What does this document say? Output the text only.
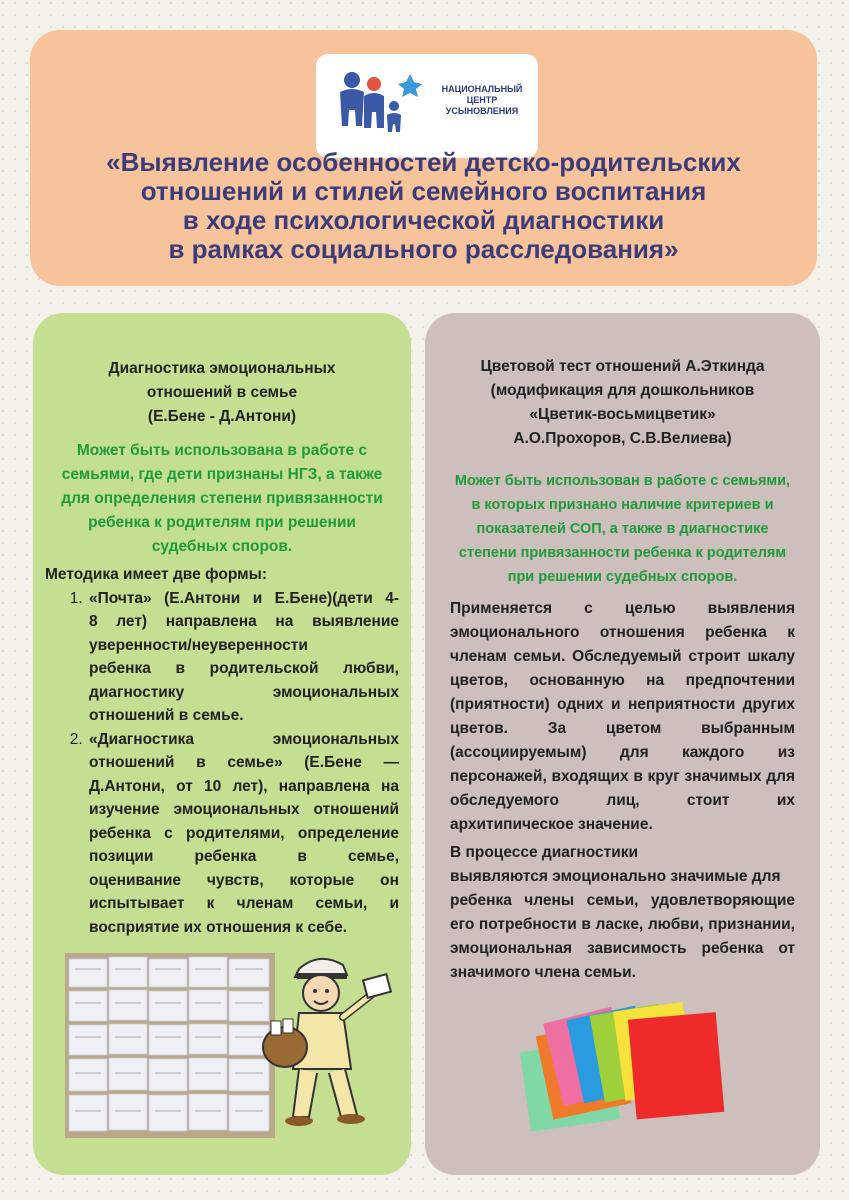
НАЦИОНАЛЬНЫЙ
ЦЕНТР
УСЫНОВЛЕНИЯ
«Выявление особенностей детско-родительских
отношений и стилей семейного воспитания
в ходе психологической диагностики
в рамках социального расследования»
Диагностика эмоциональных
отношений в семье
(Е.Бене - Д.Антони)
Может быть использована в работе с
семьями, где дети признаны НГЗ, а также
для определения степени привязанности
ребенка к родителям при решении
судебных споров.
Методика имеет две формы:
1. «Почта» (Е.Антони и Е.Бене)(дети 4-
8 лет) направлена на выявление
уверенности/неуверенности
ребенка в родительской любви,
диагностику эмоциональных
отношений в семье.
2. «Диагностика эмоциональных
отношений в семье» (Е.Бене —
Д.Антони, от 10 лет), направлена на
изучение эмоциональных отношений
ребенка с родителями, определение
позиции ребенка в семье,
оценивание чувств, которые он
испытывает к членам семьи, и
восприятие их отношения к себе.
Цветовой тест отношений А.Эткинда
(модификация для дошкольников
«Цветик-восьмицветик»
А.О.Прохоров, С.В.Велиева)
Может быть использован в работе с семьями,
в которых признано наличие критериев и
показателей СОП, а также в диагностике
степени привязанности ребенка к родителям
при решении судебных споров.
Применяется с целью выявления
эмоционального отношения ребенка к
членам семьи. Обследуемый строит шкалу
цветов, основанную на предпочтении
(приятности) одних и неприятности других
цветов. За цветом выбранным
(ассоциируемым) для каждого из
персонажей, входящих в круг значимых для
обследуемого лиц, стоит их
архитипическое значение.
В процессе диагностики
выявляются эмоционально значимые для
ребенка члены семьи, удовлетворяющие
его потребности в ласке, любви, признании,
эмоциональная зависимость ребенка от
значимого члена семьи.
